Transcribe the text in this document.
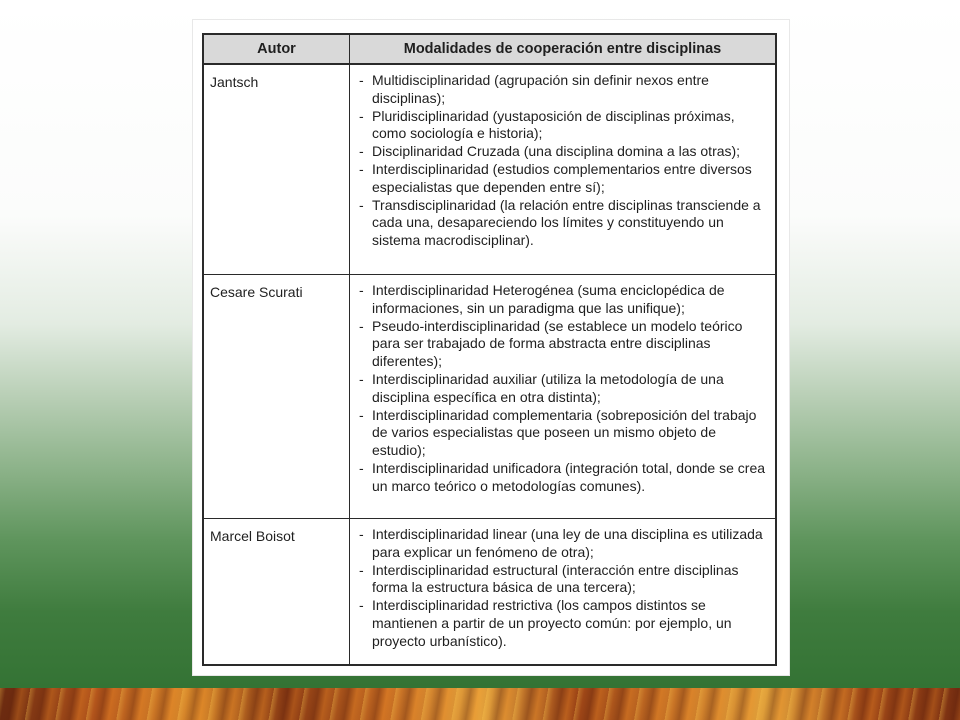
Autor	Modalidades de cooperación entre disciplinas
Jantsch	- Multidisciplinaridad (agrupación sin definir nexos entre disciplinas);
- Pluridisciplinaridad (yustaposición de disciplinas próximas, como sociología e historia);
- Disciplinaridad Cruzada (una disciplina domina a las otras);
- Interdisciplinaridad (estudios complementarios entre diversos especialistas que dependen entre sí);
- Transdisciplinaridad (la relación entre disciplinas transciende a cada una, desapareciendo los límites y constituyendo un sistema macrodisciplinar).
Cesare Scurati	- Interdisciplinaridad Heterogénea (suma enciclopédica de informaciones, sin un paradigma que las unifique);
- Pseudo-interdisciplinaridad (se establece un modelo teórico para ser trabajado de forma abstracta entre disciplinas diferentes);
- Interdisciplinaridad auxiliar (utiliza la metodología de una disciplina específica en otra distinta);
- Interdisciplinaridad complementaria (sobreposición del trabajo de varios especialistas que poseen un mismo objeto de estudio);
- Interdisciplinaridad unificadora (integración total, donde se crea un marco teórico o metodologías comunes).
Marcel Boisot	- Interdisciplinaridad linear (una ley de una disciplina es utilizada para explicar un fenómeno de otra);
- Interdisciplinaridad estructural (interacción entre disciplinas forma la estructura básica de una tercera);
- Interdisciplinaridad restrictiva (los campos distintos se mantienen a partir de un proyecto común: por ejemplo, un proyecto urbanístico).
